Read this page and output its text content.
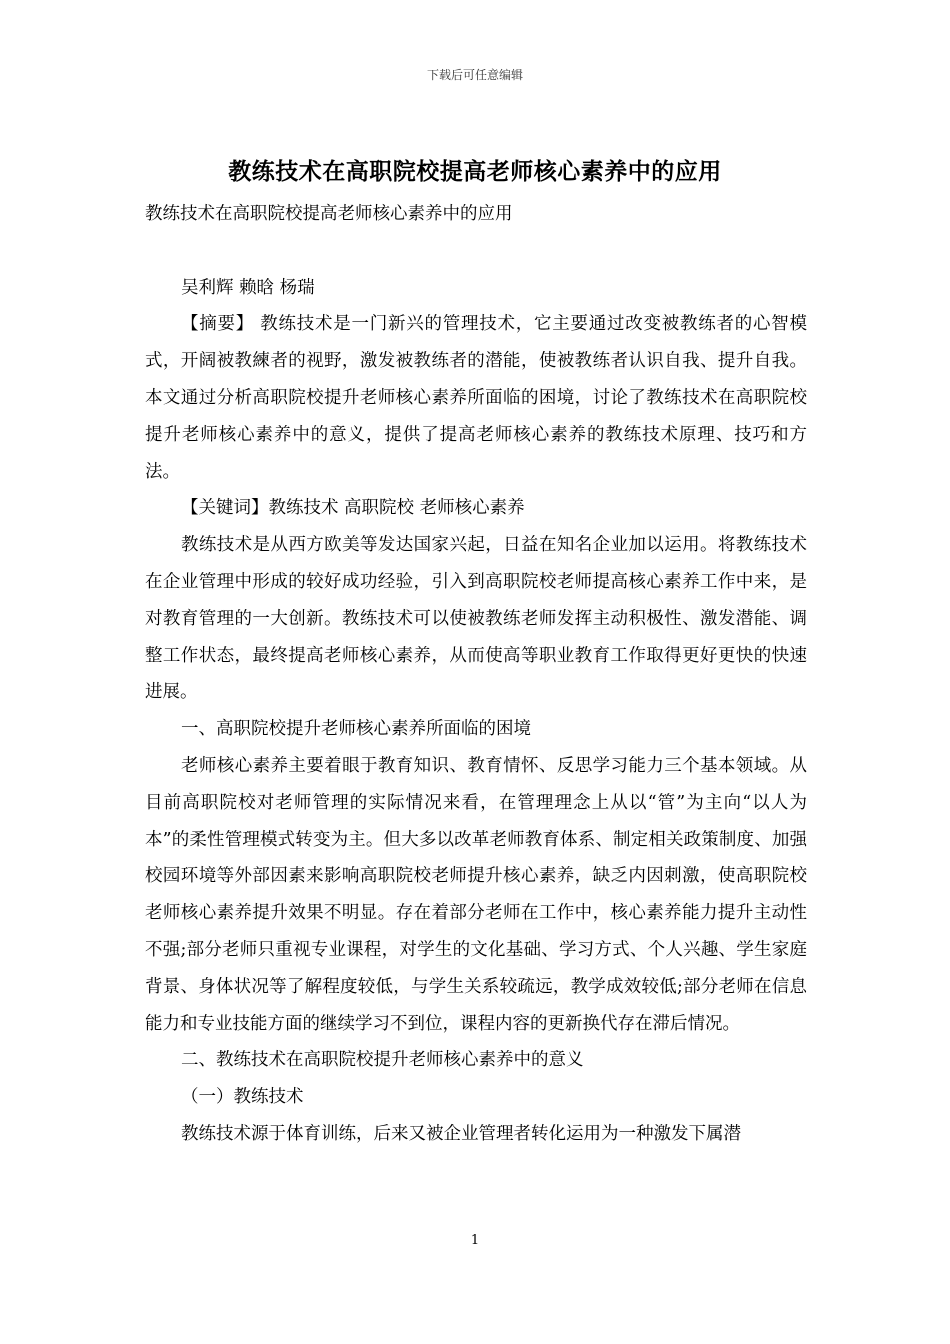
下载后可任意编辑
教练技术在高职院校提高老师核心素养中的应用

教练技术在高职院校提高老师核心素养中的应用

吴利辉 赖晗 杨瑞

【摘要】 教练技术是一门新兴的管理技术，它主要通过改变被教练者的心智模式，开阔被教練者的视野，激发被教练者的潜能，使被教练者认识自我、提升自我。本文通过分析高职院校提升老师核心素养所面临的困境，讨论了教练技术在高职院校提升老师核心素养中的意义，提供了提高老师核心素养的教练技术原理、技巧和方法。

【关键词】教练技术 高职院校 老师核心素养

教练技术是从西方欧美等发达国家兴起，日益在知名企业加以运用。将教练技术在企业管理中形成的较好成功经验，引入到高职院校老师提高核心素养工作中来，是对教育管理的一大创新。教练技术可以使被教练老师发挥主动积极性、激发潜能、调整工作状态，最终提高老师核心素养，从而使高等职业教育工作取得更好更快的快速进展。

一、高职院校提升老师核心素养所面临的困境

老师核心素养主要着眼于教育知识、教育情怀、反思学习能力三个基本领域。从目前高职院校对老师管理的实际情况来看，在管理理念上从以“管”为主向“以人为本”的柔性管理模式转变为主。但大多以改革老师教育体系、制定相关政策制度、加强校园环境等外部因素来影响高职院校老师提升核心素养，缺乏内因刺激，使高职院校老师核心素养提升效果不明显。存在着部分老师在工作中，核心素养能力提升主动性不强;部分老师只重视专业课程，对学生的文化基础、学习方式、个人兴趣、学生家庭背景、身体状况等了解程度较低，与学生关系较疏远，教学成效较低;部分老师在信息能力和专业技能方面的继续学习不到位，课程内容的更新换代存在滞后情况。

二、教练技术在高职院校提升老师核心素养中的意义

（一）教练技术

教练技术源于体育训练，后来又被企业管理者转化运用为一种激发下属潜

1
